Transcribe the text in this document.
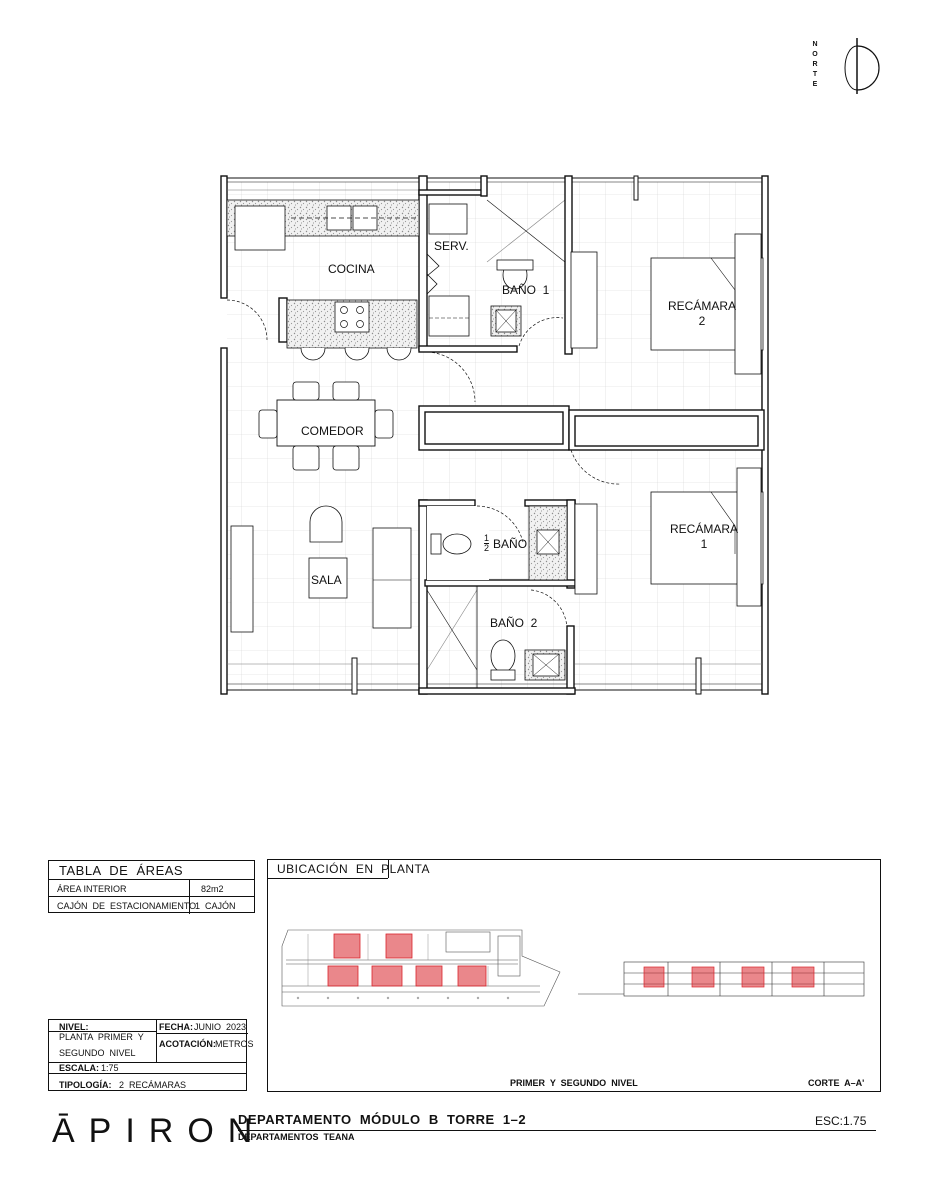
N
O
R
T
E
COCINA
SERV.
BAÑO  1
RECÁMARA
2
COMEDOR
1
2 BAÑO
RECÁMARA
1
SALA
BAÑO  2
TABLA  DE  ÁREAS
ÁREA INTERIOR	82m2
CAJÓN  DE  ESTACIONAMIENTO
1  CAJÓN
NIVEL:
PLANTA  PRIMER  Y
SEGUNDO  NIVEL
FECHA: JUNIO  2023
ACOTACIÓN: METROS
ESCALA: 1:75
TIPOLOGÍA: 2  RECÁMARAS
UBICACIÓN  EN  PLANTA
PRIMER  Y  SEGUNDO  NIVEL	CORTE  A–A'
ĀPIRON
DEPARTAMENTO  MÓDULO  B  TORRE  1–2
DEPARTAMENTOS  TEANA
ESC:1.75
